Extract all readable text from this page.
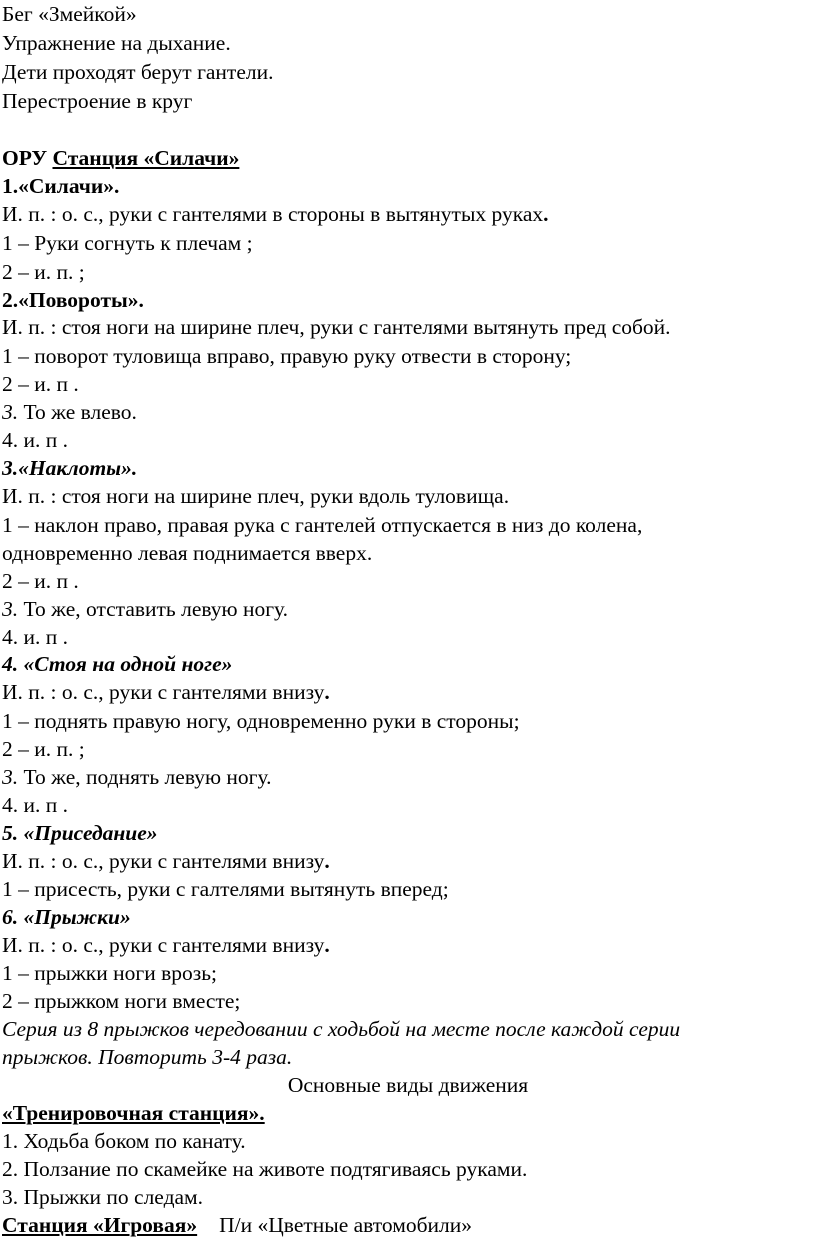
Бег «Змейкой»
Упражнение на дыхание.
Дети проходят берут гантели.
Перестроение в круг
ОРУ Станция «Силачи»
1.«Силачи».
И. п. : о. с., руки с гантелями в стороны в вытянутых руках.
1 – Руки согнуть к плечам ;
2 – и. п. ;
2.«Повороты».
И. п. : стоя ноги на ширине плеч, руки с гантелями вытянуть пред собой.
1 – поворот туловища вправо, правую руку отвести в сторону;
2 – и. п .
3. То же влево.
4. и. п .
3.«Наклоты».
И. п. : стоя ноги на ширине плеч, руки вдоль туловища.
1 – наклон право, правая рука с гантелей отпускается в низ до колена,
одновременно левая поднимается вверх.
2 – и. п .
3. То же, отставить левую ногу.
4. и. п .
4. «Стоя на одной ноге»
И. п. : о. с., руки с гантелями внизу.
1 – поднять правую ногу, одновременно руки в стороны;
2 – и. п. ;
3. То же, поднять левую ногу.
4. и. п .
5. «Приседание»
И. п. : о. с., руки с гантелями внизу.
1 – присесть, руки с галтелями вытянуть вперед;
6. «Прыжки»
И. п. : о. с., руки с гантелями внизу.
1 – прыжки ноги врозь;
2 – прыжком ноги вместе;
Серия из 8 прыжков чередовании с ходьбой на месте после каждой серии
прыжков. Повторить 3-4 раза.
Основные виды движения
«Тренировочная станция».
1. Ходьба боком по канату.
2. Ползание по скамейке на животе подтягиваясь руками.
3. Прыжки по следам.
Станция «Игровая» П/и «Цветные автомобили»
